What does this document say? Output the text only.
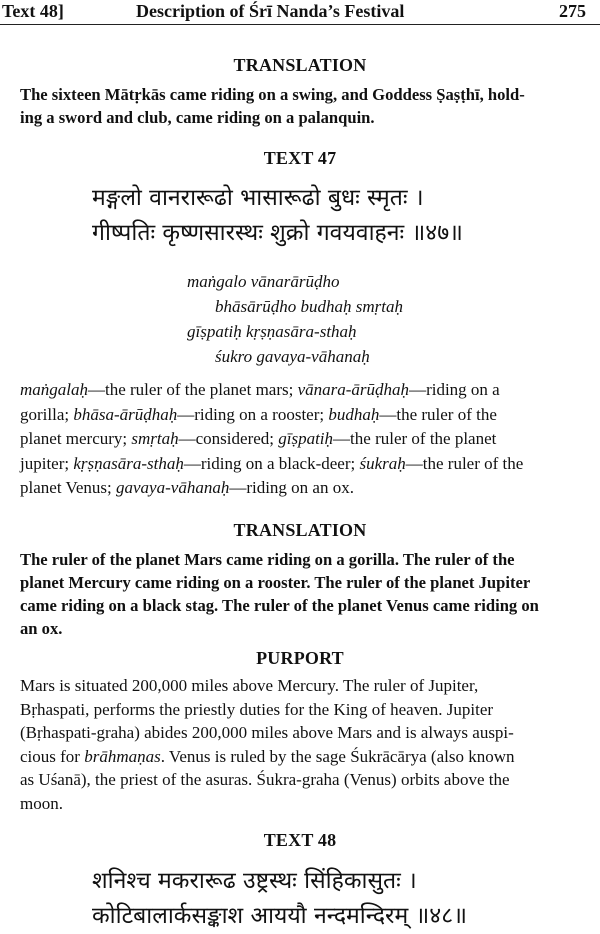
Text 48]	Description of Śrī Nanda’s Festival	275
TRANSLATION
The sixteen Mātṛkās came riding on a swing, and Goddess Ṣaṣṭhī, hold-
ing a sword and club, came riding on a palanquin.
TEXT 47
मङ्गलो वानरारूढो भासारूढो बुधः स्मृतः ।
गीष्पतिः कृष्णसारस्थः शुक्रो गवयवाहनः ॥४७॥
maṅgalo vānarārūḍho
bhāsārūḍho budhaḥ smṛtaḥ
gīṣpatiḥ kṛṣṇasāra-sthaḥ
śukro gavaya-vāhanaḥ
maṅgalaḥ—the ruler of the planet mars; vānara-ārūḍhaḥ—riding on a
gorilla; bhāsa-ārūḍhaḥ—riding on a rooster; budhaḥ—the ruler of the
planet mercury; smṛtaḥ—considered; gīṣpatiḥ—the ruler of the planet
jupiter; kṛṣṇasāra-sthaḥ—riding on a black-deer; śukraḥ—the ruler of the
planet Venus; gavaya-vāhanaḥ—riding on an ox.
TRANSLATION
The ruler of the planet Mars came riding on a gorilla. The ruler of the
planet Mercury came riding on a rooster. The ruler of the planet Jupiter
came riding on a black stag. The ruler of the planet Venus came riding on
an ox.
PURPORT
Mars is situated 200,000 miles above Mercury. The ruler of Jupiter,
Bṛhaspati, performs the priestly duties for the King of heaven. Jupiter
(Bṛhaspati-graha) abides 200,000 miles above Mars and is always auspi-
cious for brāhmaṇas. Venus is ruled by the sage Śukrācārya (also known
as Uśanā), the priest of the asuras. Śukra-graha (Venus) orbits above the
moon.
TEXT 48
शनिश्च मकरारूढ उष्ट्रस्थः सिंहिकासुतः ।
कोटिबालार्कसङ्काश आययौ नन्दमन्दिरम् ॥४८॥
